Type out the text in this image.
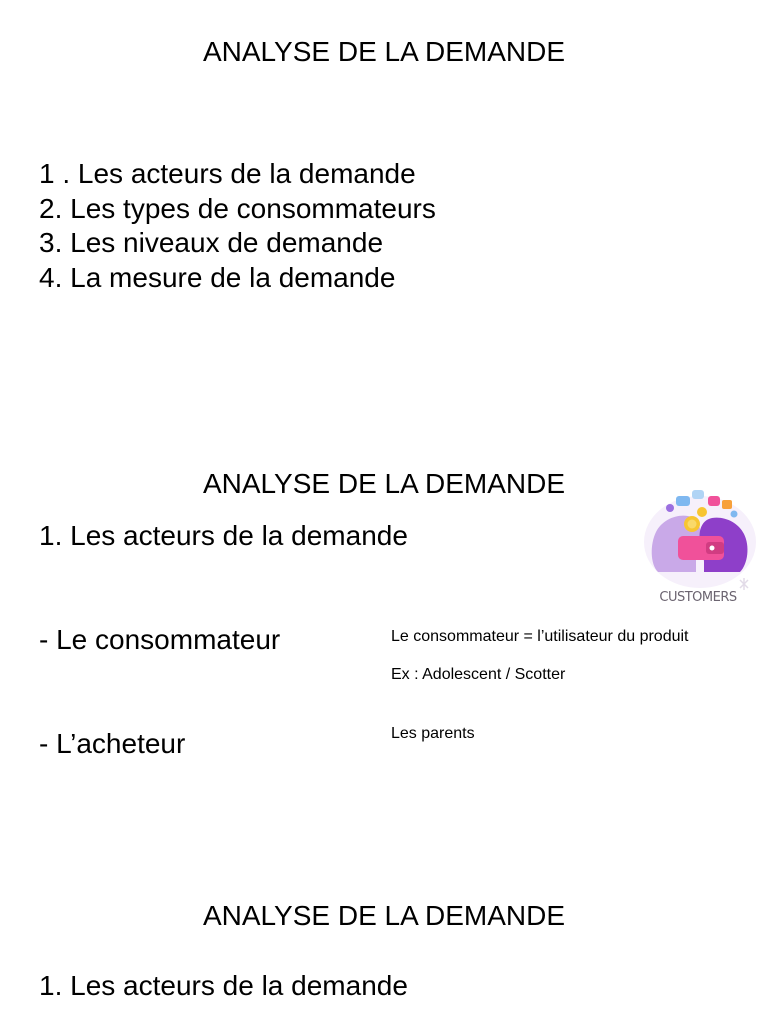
ANALYSE DE LA DEMANDE
1 . Les acteurs de la demande
2. Les types de consommateurs
3. Les niveaux de demande
4. La mesure de la demande
ANALYSE DE LA DEMANDE
1. Les acteurs de la demande
- Le consommateur	Le consommateur = l’utilisateur du produit
Ex : Adolescent / Scotter
- L’acheteur	Les parents
CUSTOMERS
ANALYSE DE LA DEMANDE
1. Les acteurs de la demande
